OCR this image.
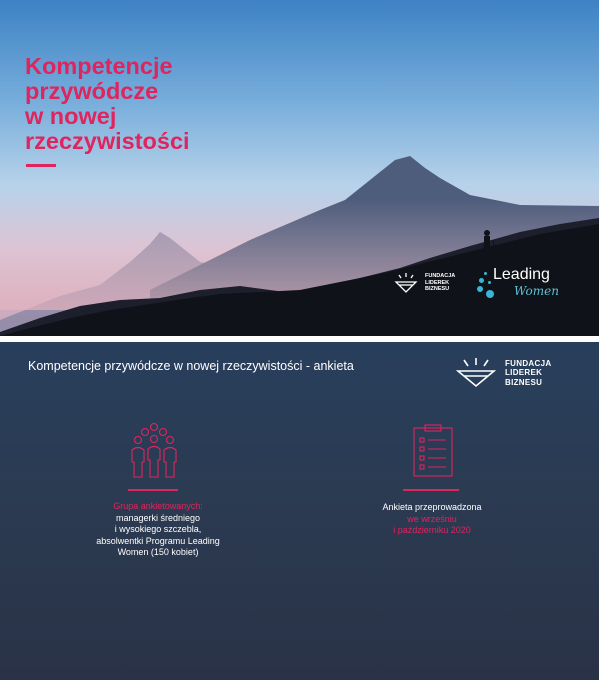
Kompetencje
przywódcze
w nowej
rzeczywistości
FUNDACJA
LIDEREK
BIZNESU
Leading
Women

Kompetencje przywódcze w nowej rzeczywistości - ankieta	FUNDACJA
LIDEREK
BIZNESU

Grupa ankietowanych:
managerki średniego
i wysokiego szczebla,
absolwentki Programu Leading
Women (150 kobiet)

Ankieta przeprowadzona
we wrześniu
i październiku 2020
